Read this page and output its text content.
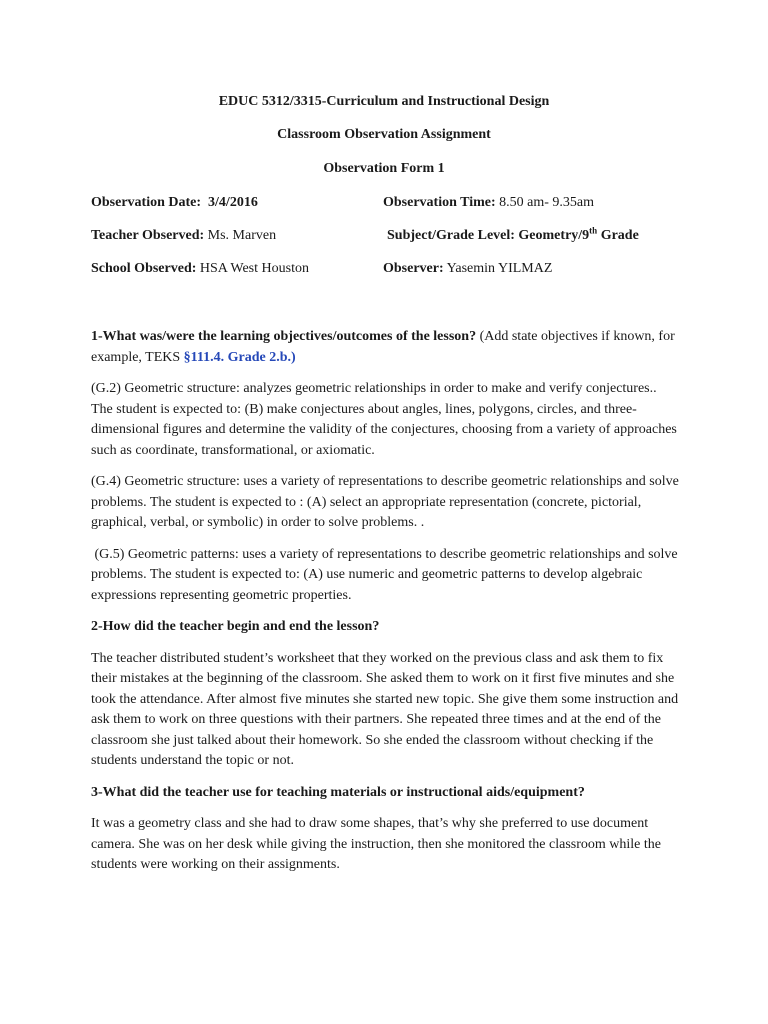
EDUC 5312/3315-Curriculum and Instructional Design
Classroom Observation Assignment
Observation Form 1
Observation Date: 3/4/2016	Observation Time: 8.50 am- 9.35am
Teacher Observed: Ms. Marven	Subject/Grade Level: Geometry/9th Grade
School Observed: HSA West Houston	Observer: Yasemin YILMAZ

1-What was/were the learning objectives/outcomes of the lesson? (Add state objectives if known, for example, TEKS §111.4. Grade 2.b.)

(G.2) Geometric structure: analyzes geometric relationships in order to make and verify conjectures.. The student is expected to: (B) make conjectures about angles, lines, polygons, circles, and three-dimensional figures and determine the validity of the conjectures, choosing from a variety of approaches such as coordinate, transformational, or axiomatic.

(G.4) Geometric structure: uses a variety of representations to describe geometric relationships and solve problems. The student is expected to : (A) select an appropriate representation (concrete, pictorial, graphical, verbal, or symbolic) in order to solve problems. .

(G.5) Geometric patterns: uses a variety of representations to describe geometric relationships and solve problems. The student is expected to: (A) use numeric and geometric patterns to develop algebraic expressions representing geometric properties.

2-How did the teacher begin and end the lesson?

The teacher distributed student’s worksheet that they worked on the previous class and ask them to fix their mistakes at the beginning of the classroom. She asked them to work on it first five minutes and she took the attendance. After almost five minutes she started new topic. She give them some instruction and ask them to work on three questions with their partners. She repeated three times and at the end of the classroom she just talked about their homework. So she ended the classroom without checking if the students understand the topic or not.

3-What did the teacher use for teaching materials or instructional aids/equipment?

It was a geometry class and she had to draw some shapes, that’s why she preferred to use document camera. She was on her desk while giving the instruction, then she monitored the classroom while the students were working on their assignments.
